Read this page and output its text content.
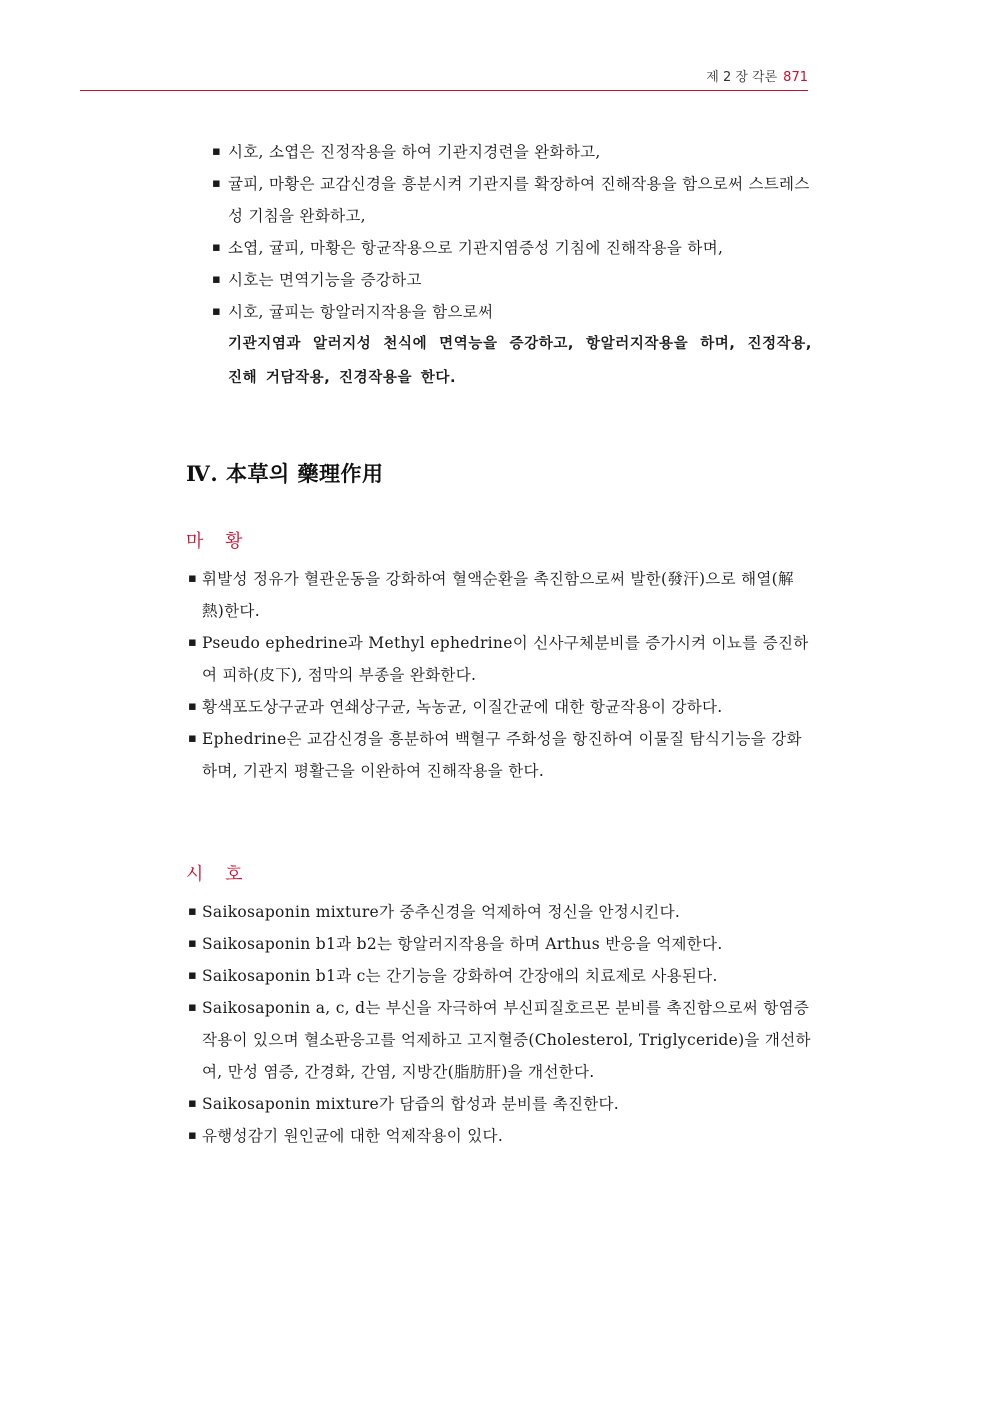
제 2 장 각론 871
▪ 시호, 소엽은 진정작용을 하여 기관지경련을 완화하고,
▪ 귤피, 마황은 교감신경을 흥분시켜 기관지를 확장하여 진해작용을 함으로써 스트레스성 기침을 완화하고,
▪ 소엽, 귤피, 마황은 항균작용으로 기관지염증성 기침에 진해작용을 하며,
▪ 시호는 면역기능을 증강하고
▪ 시호, 귤피는 항알러지작용을 함으로써
기관지염과 알러지성 천식에 면역능을 증강하고, 항알러지작용을 하며, 진정작용, 진해 거담작용, 진경작용을 한다.
Ⅳ. 本草의 藥理作用
마 황
▪ 휘발성 정유가 혈관운동을 강화하여 혈액순환을 촉진함으로써 발한(發汗)으로 해열(解熱)한다.
▪ Pseudo ephedrine과 Methyl ephedrine이 신사구체분비를 증가시켜 이뇨를 증진하여 피하(皮下), 점막의 부종을 완화한다.
▪ 황색포도상구균과 연쇄상구균, 녹농균, 이질간균에 대한 항균작용이 강하다.
▪ Ephedrine은 교감신경을 흥분하여 백혈구 주화성을 항진하여 이물질 탐식기능을 강화하며, 기관지 평활근을 이완하여 진해작용을 한다.
시 호
▪ Saikosaponin mixture가 중추신경을 억제하여 정신을 안정시킨다.
▪ Saikosaponin b1과 b2는 항알러지작용을 하며 Arthus 반응을 억제한다.
▪ Saikosaponin b1과 c는 간기능을 강화하여 간장애의 치료제로 사용된다.
▪ Saikosaponin a, c, d는 부신을 자극하여 부신피질호르몬 분비를 촉진함으로써 항염증작용이 있으며 혈소판응고를 억제하고 고지혈증(Cholesterol, Triglyceride)을 개선하여, 만성 염증, 간경화, 간염, 지방간(脂肪肝)을 개선한다.
▪ Saikosaponin mixture가 담즙의 합성과 분비를 촉진한다.
▪ 유행성감기 원인균에 대한 억제작용이 있다.
